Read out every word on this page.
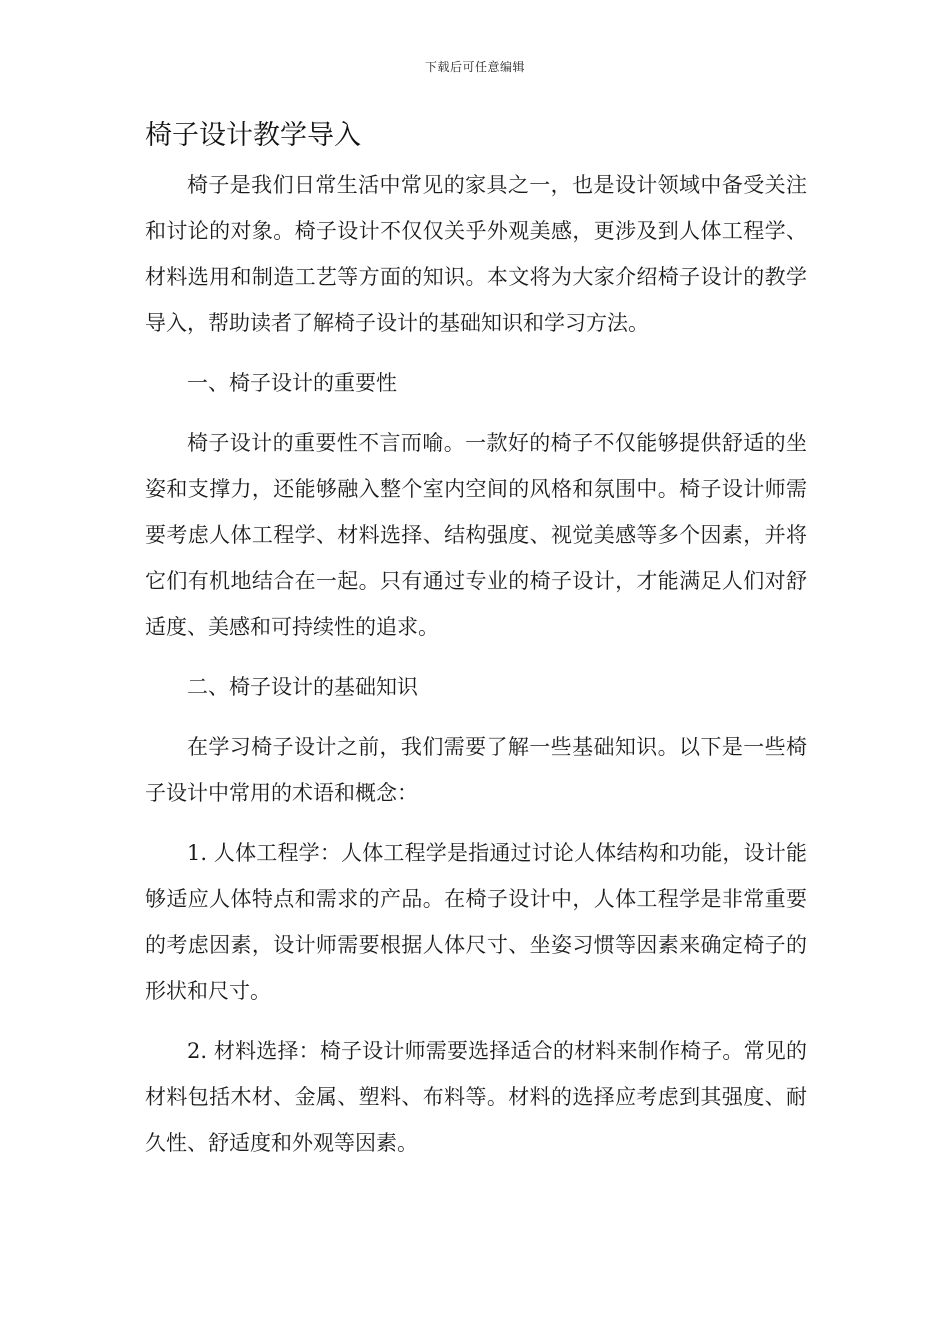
下载后可任意编辑
椅子设计教学导入

椅子是我们日常生活中常见的家具之一，也是设计领域中备受关注和讨论的对象。椅子设计不仅仅关乎外观美感，更涉及到人体工程学、材料选用和制造工艺等方面的知识。本文将为大家介绍椅子设计的教学导入，帮助读者了解椅子设计的基础知识和学习方法。

一、椅子设计的重要性

椅子设计的重要性不言而喻。一款好的椅子不仅能够提供舒适的坐姿和支撑力，还能够融入整个室内空间的风格和氛围中。椅子设计师需要考虑人体工程学、材料选择、结构强度、视觉美感等多个因素，并将它们有机地结合在一起。只有通过专业的椅子设计，才能满足人们对舒适度、美感和可持续性的追求。

二、椅子设计的基础知识

在学习椅子设计之前，我们需要了解一些基础知识。以下是一些椅子设计中常用的术语和概念：

1. 人体工程学：人体工程学是指通过讨论人体结构和功能，设计能够适应人体特点和需求的产品。在椅子设计中，人体工程学是非常重要的考虑因素，设计师需要根据人体尺寸、坐姿习惯等因素来确定椅子的形状和尺寸。

2. 材料选择：椅子设计师需要选择适合的材料来制作椅子。常见的材料包括木材、金属、塑料、布料等。材料的选择应考虑到其强度、耐久性、舒适度和外观等因素。
